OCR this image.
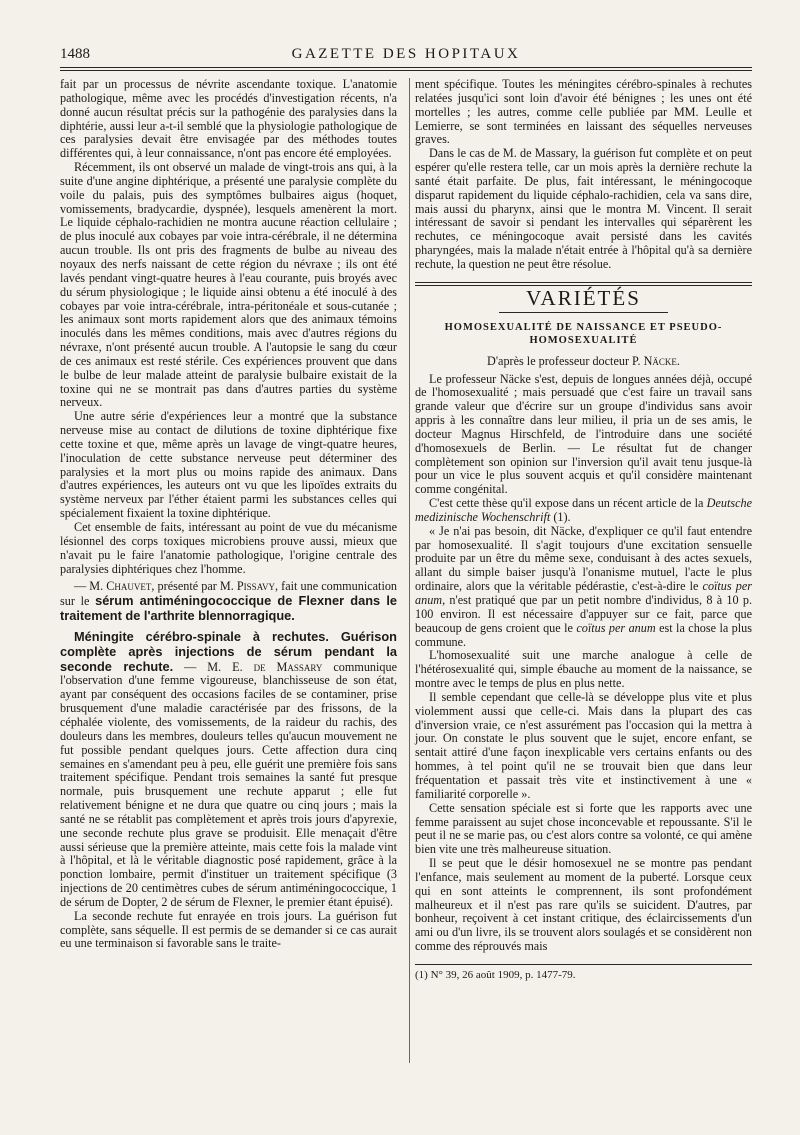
1488	GAZETTE DES HOPITAUX

fait par un processus de névrite ascendante toxique. L'anatomie pathologique, même avec les procédés d'investigation récents, n'a donné aucun résultat précis sur la pathogénie des paralysies dans la diphtérie, aussi leur a-t-il semblé que la physiologie pathologique de ces paralysies devait être envisagée par des méthodes toutes différentes qui, à leur connaissance, n'ont pas encore été employées.

Récemment, ils ont observé un malade de vingt-trois ans qui, à la suite d'une angine diphtérique, a présenté une paralysie complète du voile du palais, puis des symptômes bulbaires aigus (hoquet, vomissements, bradycardie, dyspnée), lesquels amenèrent la mort. Le liquide céphalo-rachidien ne montra aucune réaction cellulaire ; de plus inoculé aux cobayes par voie intra-cérébrale, il ne détermina aucun trouble. Ils ont pris des fragments de bulbe au niveau des noyaux des nerfs naissant de cette région du névraxe ; ils ont été lavés pendant vingt-quatre heures à l'eau courante, puis broyés avec du sérum physiologique ; le liquide ainsi obtenu a été inoculé à des cobayes par voie intra-cérébrale, intra-péritonéale et sous-cutanée ; les animaux sont morts rapidement alors que des animaux témoins inoculés dans les mêmes conditions, mais avec d'autres régions du névraxe, n'ont présenté aucun trouble. A l'autopsie le sang du cœur de ces animaux est resté stérile. Ces expériences prouvent que dans le bulbe de leur malade atteint de paralysie bulbaire existait de la toxine qui ne se montrait pas dans d'autres parties du système nerveux.

Une autre série d'expériences leur a montré que la substance nerveuse mise au contact de dilutions de toxine diphtérique fixe cette toxine et que, même après un lavage de vingt-quatre heures, l'inoculation de cette substance nerveuse peut déterminer des paralysies et la mort plus ou moins rapide des animaux. Dans d'autres expériences, les auteurs ont vu que les lipoïdes extraits du système nerveux par l'éther étaient parmi les substances celles qui spécialement fixaient la toxine diphtérique.

Cet ensemble de faits, intéressant au point de vue du mécanisme lésionnel des corps toxiques microbiens prouve aussi, mieux que n'avait pu le faire l'anatomie pathologique, l'origine centrale des paralysies diphtériques chez l'homme.

— M. Chauvet, présenté par M. Pissavy, fait une communication sur le sérum antiméningococcique de Flexner dans le traitement de l'arthrite blennorragique.

Méningite cérébro-spinale à rechutes. Guérison complète après injections de sérum pendant la seconde rechute. — M. E. de Massary communique l'observation d'une femme vigoureuse, blanchisseuse de son état, ayant par conséquent des occasions faciles de se contaminer, prise brusquement d'une maladie caractérisée par des frissons, de la céphalée violente, des vomissements, de la raideur du rachis, des douleurs dans les membres, douleurs telles qu'aucun mouvement ne fut possible pendant quelques jours. Cette affection dura cinq semaines en s'amendant peu à peu, elle guérit une première fois sans traitement spécifique. Pendant trois semaines la santé fut presque normale, puis brusquement une rechute apparut ; elle fut relativement bénigne et ne dura que quatre ou cinq jours ; mais la santé ne se rétablit pas complètement et après trois jours d'apyrexie, une seconde rechute plus grave se produisit. Elle menaçait d'être aussi sérieuse que la première atteinte, mais cette fois la malade vint à l'hôpital, et là le véritable diagnostic posé rapidement, grâce à la ponction lombaire, permit d'instituer un traitement spécifique (3 injections de 20 centimètres cubes de sérum antiméningococcique, 1 de sérum de Dopter, 2 de sérum de Flexner, le premier étant épuisé).

La seconde rechute fut enrayée en trois jours. La guérison fut complète, sans séquelle. Il est permis de se demander si ce cas aurait eu une terminaison si favorable sans le traite-

ment spécifique. Toutes les méningites cérébro-spinales à rechutes relatées jusqu'ici sont loin d'avoir été bénignes ; les unes ont été mortelles ; les autres, comme celle publiée par MM. Leulle et Lemierre, se sont terminées en laissant des séquelles nerveuses graves.

Dans le cas de M. de Massary, la guérison fut complète et on peut espérer qu'elle restera telle, car un mois après la dernière rechute la santé était parfaite. De plus, fait intéressant, le méningocoque disparut rapidement du liquide céphalo-rachidien, cela va sans dire, mais aussi du pharynx, ainsi que le montra M. Vincent. Il serait intéressant de savoir si pendant les intervalles qui séparèrent les rechutes, ce méningocoque avait persisté dans les cavités pharyngées, mais la malade n'était entrée à l'hôpital qu'à sa dernière rechute, la question ne peut être résolue.

VARIÉTÉS
HOMOSEXUALITÉ DE NAISSANCE ET PSEUDO-HOMOSEXUALITÉ
D'après le professeur docteur P. Näcke.

Le professeur Näcke s'est, depuis de longues années déjà, occupé de l'homosexualité ; mais persuadé que c'est faire un travail sans grande valeur que d'écrire sur un groupe d'individus sans avoir appris à les connaître dans leur milieu, il pria un de ses amis, le docteur Magnus Hirschfeld, de l'introduire dans une société d'homosexuels de Berlin. — Le résultat fut de changer complètement son opinion sur l'inversion qu'il avait tenu jusque-là pour un vice le plus souvent acquis et qu'il considère maintenant comme congénital.

C'est cette thèse qu'il expose dans un récent article de la Deutsche medizinische Wochenschrift (1).

« Je n'ai pas besoin, dit Näcke, d'expliquer ce qu'il faut entendre par homosexualité. Il s'agit toujours d'une excitation sensuelle produite par un être du même sexe, conduisant à des actes sexuels, allant du simple baiser jusqu'à l'onanisme mutuel, l'acte le plus ordinaire, alors que la véritable pédérastie, c'est-à-dire le coïtus per anum, n'est pratiqué que par un petit nombre d'individus, 8 à 10 p. 100 environ. Il est nécessaire d'appuyer sur ce fait, parce que beaucoup de gens croient que le coïtus per anum est la chose la plus commune.

L'homosexualité suit une marche analogue à celle de l'hétérosexualité qui, simple ébauche au moment de la naissance, se montre avec le temps de plus en plus nette.

Il semble cependant que celle-là se développe plus vite et plus violemment aussi que celle-ci. Mais dans la plupart des cas d'inversion vraie, ce n'est assurément pas l'occasion qui la mettra à jour. On constate le plus souvent que le sujet, encore enfant, se sentait attiré d'une façon inexplicable vers certains enfants ou des hommes, à tel point qu'il ne se trouvait bien que dans leur fréquentation et passait très vite et instinctivement à une « familiarité corporelle ».

Cette sensation spéciale est si forte que les rapports avec une femme paraissent au sujet chose inconcevable et repoussante. S'il le peut il ne se marie pas, ou c'est alors contre sa volonté, ce qui amène bien vite une très malheureuse situation.

Il se peut que le désir homosexuel ne se montre pas pendant l'enfance, mais seulement au moment de la puberté. Lorsque ceux qui en sont atteints le comprennent, ils sont profondément malheureux et il n'est pas rare qu'ils se suicident. D'autres, par bonheur, reçoivent à cet instant critique, des éclaircissements d'un ami ou d'un livre, ils se trouvent alors soulagés et se considèrent non comme des réprouvés mais

(1) N° 39, 26 août 1909, p. 1477-79.
